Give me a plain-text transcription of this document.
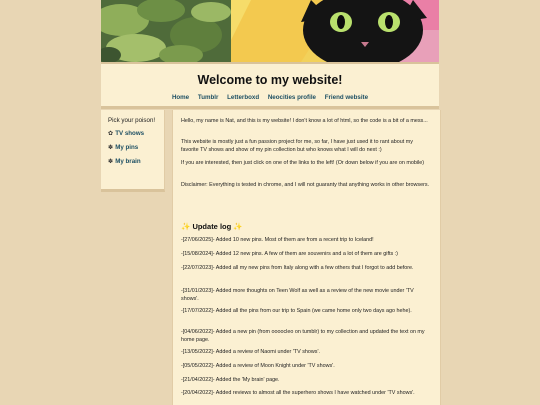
Welcome to my website!
Home Tumblr Letterboxd Neocities profile Friend website
Pick your poison!
✿ TV shows
✽ My pins
✽ My brain

Hello, my name is Nat, and this is my website! I don't know a lot of html, so the code is a bit of a mess...

This website is mostly just a fun passion project for me, so far, I have just used it to rant about my favorite TV shows and show of my pin collection but who knows what I will do next :)

If you are interested, then just click on one of the links to the left! (Or down below if you are on mobile)

Disclaimer: Everything is tested in chrome, and I will not guaranty that anything works in other browsers.

✨ Update log ✨

-[27/06/2025]- Added 10 new pins. Most of them are from a recent trip to Iceland!

-[15/08/2024]- Added 12 new pins. A few of them are souvenirs and a lot of them are gifts :)

-[22/07/2023]- Added all my new pins from Italy along with a few others that I forgot to add before.

-[31/01/2023]- Added more thoughts on Teen Wolf as well as a review of the new movie under 'TV shows'.

-[17/07/2022]- Added all the pins from our trip to Spain (we came home only two days ago hehe).

-[04/06/2022]- Added a new pin (from oooocleo on tumblr) to my collection and updated the text on my home page.

-[13/05/2022]- Added a review of Naomi under 'TV shows'.

-[05/05/2022]- Added a review of Moon Knight under 'TV shows'.

-[21/04/2022]- Added the 'My brain' page.

-[20/04/2022]- Added reviews to almost all the superhero shows I have watched under 'TV shows'.
